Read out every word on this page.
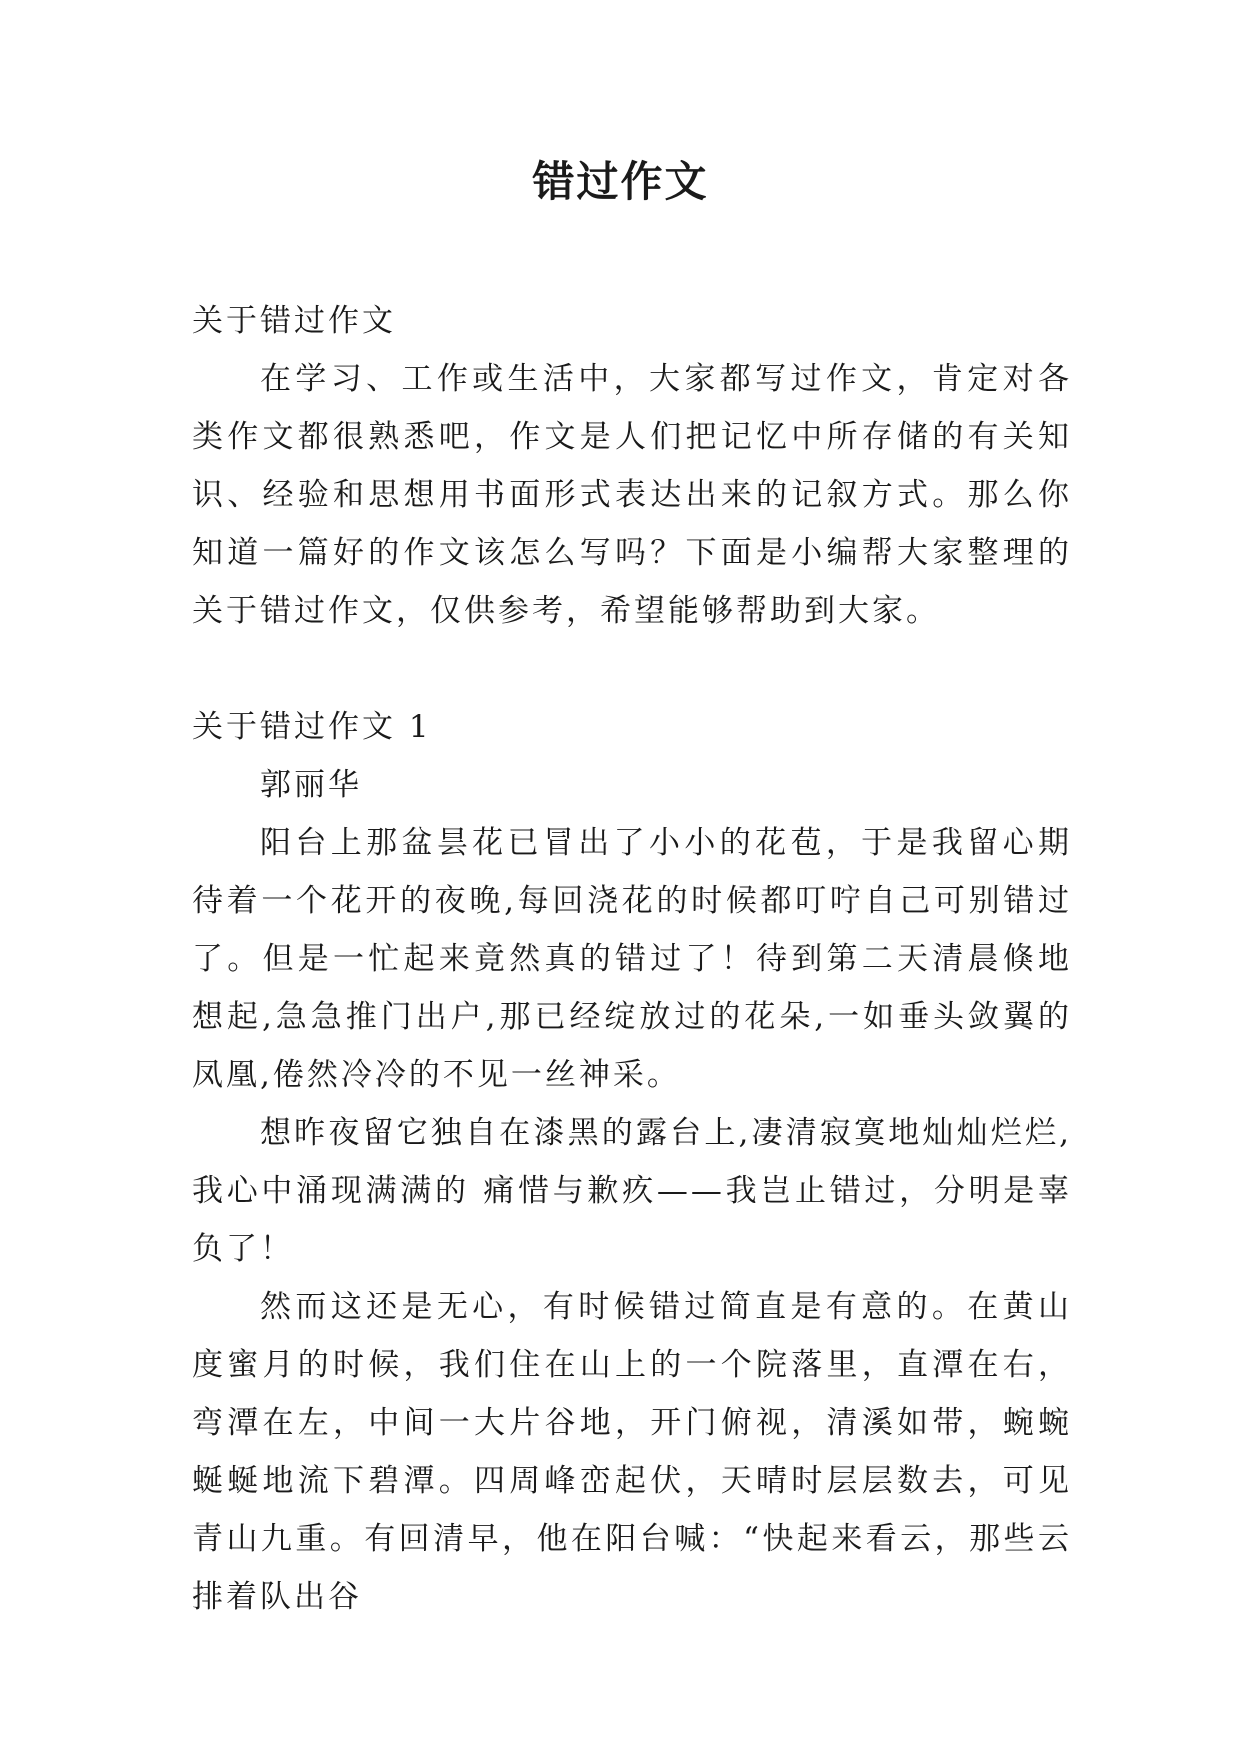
错过作文

关于错过作文

在学习、工作或生活中，大家都写过作文，肯定对各类作文都很熟悉吧，作文是人们把记忆中所存储的有关知识、经验和思想用书面形式表达出来的记叙方式。那么你知道一篇好的作文该怎么写吗？下面是小编帮大家整理的关于错过作文，仅供参考，希望能够帮助到大家。

关于错过作文 1

郭丽华

阳台上那盆昙花已冒出了小小的花苞，于是我留心期待着一个花开的夜晚,每回浇花的时候都叮咛自己可别错过了。但是一忙起来竟然真的错过了！待到第二天清晨倏地想起,急急推门出户,那已经绽放过的花朵,一如垂头敛翼的凤凰,倦然冷冷的不见一丝神采。

想昨夜留它独自在漆黑的露台上,凄清寂寞地灿灿烂烂,我心中涌现满满的 痛惜与歉疚——我岂止错过，分明是辜负了！

然而这还是无心，有时候错过简直是有意的。在黄山度蜜月的时候，我们住在山上的一个院落里，直潭在右，弯潭在左，中间一大片谷地，开门俯视，清溪如带，蜿蜿蜒蜒地流下碧潭。四周峰峦起伏，天晴时层层数去，可见青山九重。有回清早，他在阳台喊：“快起来看云，那些云排着队出谷
